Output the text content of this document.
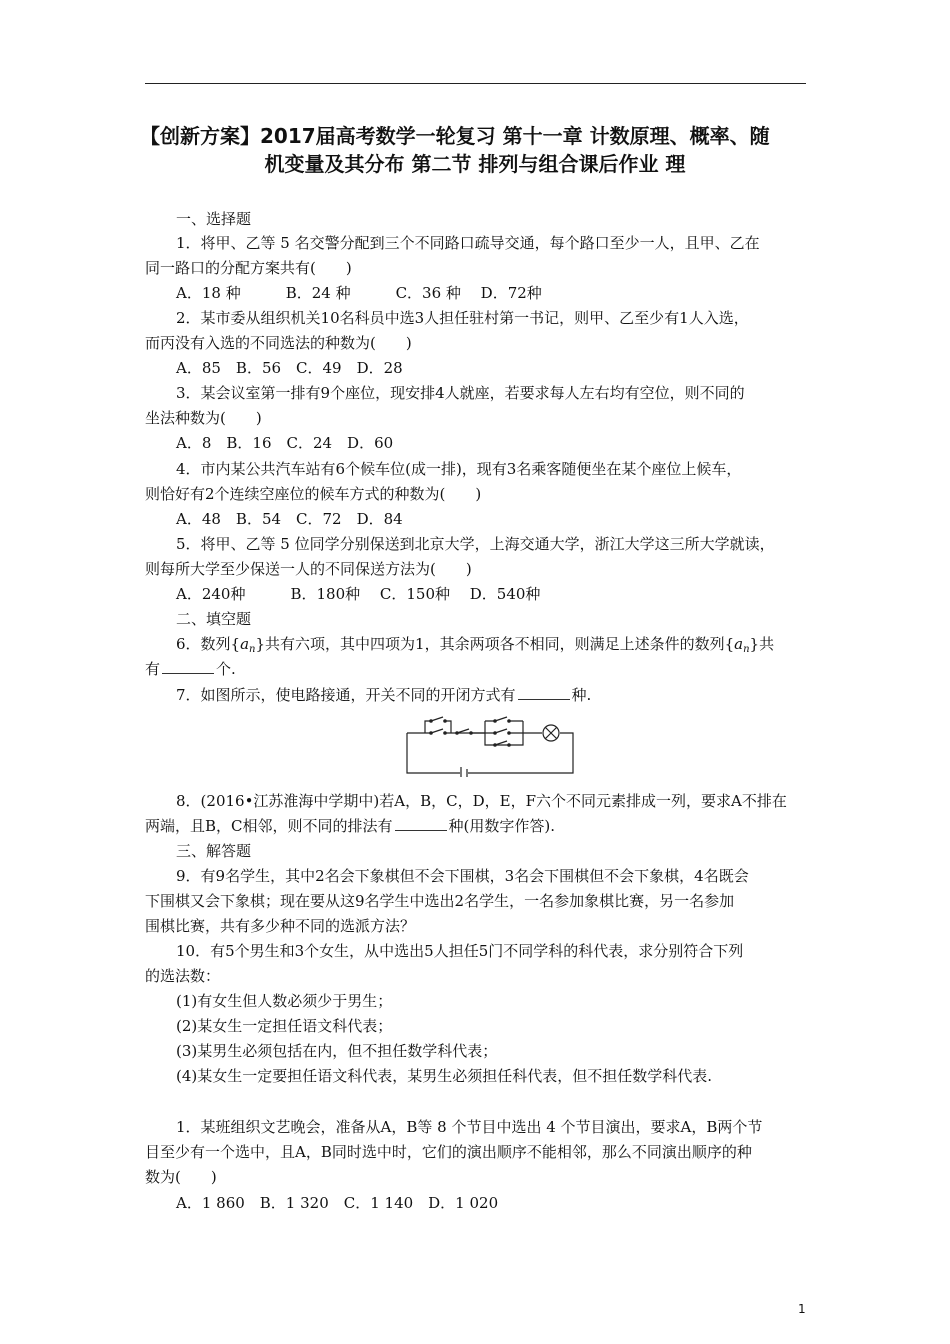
【创新方案】2017届高考数学一轮复习 第十一章 计数原理、概率、随
机变量及其分布 第二节 排列与组合课后作业 理
一、选择题
1．将甲、乙等 5 名交警分配到三个不同路口疏导交通，每个路口至少一人，且甲、乙在
同一路口的分配方案共有(　　)
A．18 种　　　B．24 种　　　C．36 种　 D．72种
2．某市委从组织机关10名科员中选3人担任驻村第一书记，则甲、乙至少有1人入选，
而丙没有入选的不同选法的种数为(　　)
A．85　B．56　C．49　D．28
3．某会议室第一排有9个座位，现安排4人就座，若要求每人左右均有空位，则不同的
坐法种数为(　　)
A．8　B．16　C．24　D．60
4．市内某公共汽车站有6个候车位(成一排)，现有3名乘客随便坐在某个座位上候车，
则恰好有2个连续空座位的候车方式的种数为(　　)
A．48　B．54　C．72　D．84
5．将甲、乙等 5 位同学分别保送到北京大学，上海交通大学，浙江大学这三所大学就读，
则每所大学至少保送一人的不同保送方法为(　　)
A．240种　　　B．180种　 C．150种　 D．540种
二、填空题
6．数列$\{a_n\}$共有六项，其中四项为1，其余两项各不相同，则满足上述条件的数列$\{a_n\}$共
有	个.
7．如图所示，使电路接通，开关不同的开闭方式有	种.
8．(2016•江苏淮海中学期中)若A，B，C，D，E，F六个不同元素排成一列，要求A不排在
两端，且B，C相邻，则不同的排法有	种(用数字作答).
三、解答题
9．有9名学生，其中2名会下象棋但不会下围棋，3名会下围棋但不会下象棋，4名既会
下围棋又会下象棋；现在要从这9名学生中选出2名学生，一名参加象棋比赛，另一名参加
围棋比赛，共有多少种不同的选派方法？
10．有5个男生和3个女生，从中选出5人担任5门不同学科的科代表，求分别符合下列
的选法数：
(1)有女生但人数必须少于男生；
(2)某女生一定担任语文科代表；
(3)某男生必须包括在内，但不担任数学科代表；
(4)某女生一定要担任语文科代表，某男生必须担任科代表，但不担任数学科代表.
1．某班组织文艺晚会，准备从A，B等 8 个节目中选出 4 个节目演出，要求A，B两个节
目至少有一个选中，且A，B同时选中时，它们的演出顺序不能相邻，那么不同演出顺序的种
数为(　　)
A．1 860　B．1 320　C．1 140　D．1 020
1
